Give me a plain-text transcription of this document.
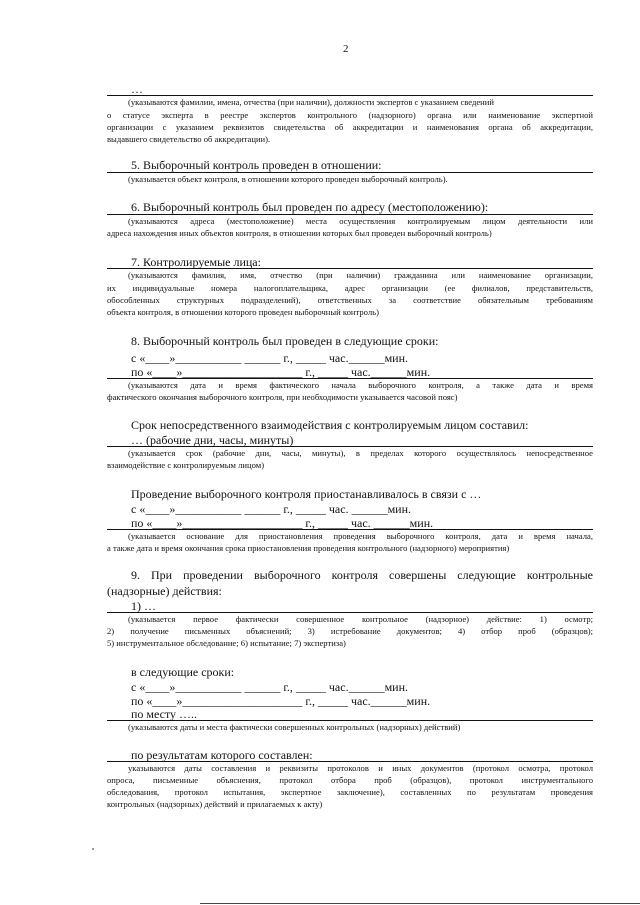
2
…
(указываются фамилии, имена, отчества (при наличии), должности экспертов с указанием сведений
о статусе эксперта в реестре экспертов контрольного (надзорного) органа или наименование экспертной
организации с указанием реквизитов свидетельства об аккредитации и наименования органа об аккредитации,
выдавшего свидетельство об аккредитации).
5. Выборочный контроль проведен в отношении:
(указывается объект контроля, в отношении которого проведен выборочный контроль).
6. Выборочный контроль был проведен по адресу (местоположению):
(указываются адреса (местоположение) места осуществления контролируемым лицом деятельности или
адреса нахождения иных объектов контроля, в отношении которых был проведен выборочный контроль)
7. Контролируемые лица:
(указываются фамилия, имя, отчество (при наличии) гражданина или наименование организации,
их индивидуальные номера налогоплательщика, адрес организации (ее филиалов, представительств,
обособленных структурных подразделений), ответственных за соответствие обязательным требованиям
объекта контроля, в отношении которого проведен выборочный контроль)
8. Выборочный контроль был проведен в следующие сроки:
с «____»___________ ______ г., _____ час.______мин.
по «____»____________________ г., _____ час.______мин.
(указываются дата и время фактического начала выборочного контроля, а также дата и время
фактического окончания выборочного контроля, при необходимости указывается часовой пояс)
Срок непосредственного взаимодействия с контролируемым лицом составил:
… (рабочие дни, часы, минуты)
(указывается срок (рабочие дни, часы, минуты), в пределах которого осуществлялось непосредственное
взаимодействие с контролируемым лицом)
Проведение выборочного контроля приостанавливалось в связи с …
с «____»___________ ______ г., _____ час. ______мин.
по «____»____________________ г., _____ час. ______мин.
(указывается основание для приостановления проведения выборочного контроля, дата и время начала,
а также дата и время окончания срока приостановления проведения контрольного (надзорного) мероприятия)
9. При проведении выборочного контроля совершены следующие контрольные
(надзорные) действия:
1) …
(указывается первое фактически совершенное контрольное (надзорное) действие: 1) осмотр;
2) получение письменных объяснений; 3) истребование документов; 4) отбор проб (образцов);
5) инструментальное обследование; 6) испытание; 7) экспертиза)
в следующие сроки:
с «____»___________ ______ г., _____ час.______мин.
по «____»____________________ г., _____ час.______мин.
по месту …..
(указываются даты и места фактически совершенных контрольных (надзорных) действий)
по результатам которого составлен:
указываются даты составления и реквизиты протоколов и иных документов (протокол осмотра, протокол
опроса, письменные объяснения, протокол отбора проб (образцов), протокол инструментального
обследования, протокол испытания, экспертное заключение), составленных по результатам проведения
контрольных (надзорных) действий и прилагаемых к акту)
